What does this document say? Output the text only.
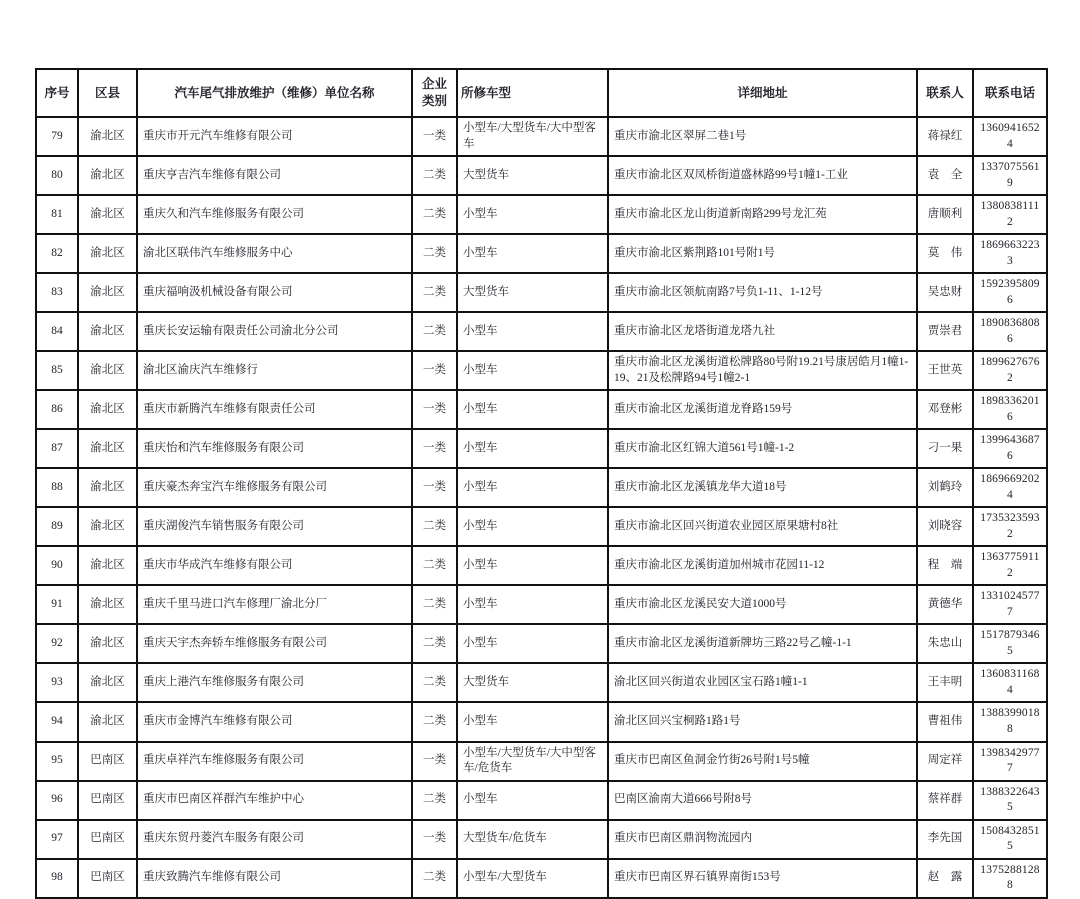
序号	区县	汽车尾气排放维护（维修）单位名称	企业类别	所修车型	详细地址	联系人	联系电话
79	渝北区	重庆市开元汽车维修有限公司	一类	小型车/大型货车/大中型客车	重庆市渝北区翠屏二巷1号	蒋禄红	13609416524
80	渝北区	重庆亨吉汽车维修有限公司	二类	大型货车	重庆市渝北区双凤桥街道盛林路99号1幢1-工业	袁　全	13370755619
81	渝北区	重庆久和汽车维修服务有限公司	二类	小型车	重庆市渝北区龙山街道新南路299号龙汇苑	唐顺利	13808381112
82	渝北区	渝北区联伟汽车维修服务中心	二类	小型车	重庆市渝北区紫荆路101号附1号	莫　伟	18696632233
83	渝北区	重庆福响汲机械设备有限公司	二类	大型货车	重庆市渝北区领航南路7号负1-11、1-12号	吴忠财	15923958096
84	渝北区	重庆长安运输有限责任公司渝北分公司	二类	小型车	重庆市渝北区龙塔街道龙塔九社	贾崇君	18908368086
85	渝北区	渝北区渝庆汽车维修行	一类	小型车	重庆市渝北区龙溪街道松牌路80号附19.21号康居皓月1幢1-19、21及松牌路94号1幢2-1	王世英	18996276762
86	渝北区	重庆市新腾汽车维修有限责任公司	一类	小型车	重庆市渝北区龙溪街道龙脊路159号	邓登彬	18983362016
87	渝北区	重庆怡和汽车维修服务有限公司	一类	小型车	重庆市渝北区红锦大道561号1幢-1-2	刁一果	13996436876
88	渝北区	重庆豪杰奔宝汽车维修服务有限公司	一类	小型车	重庆市渝北区龙溪镇龙华大道18号	刘鹤玲	18696692024
89	渝北区	重庆湖俊汽车销售服务有限公司	二类	小型车	重庆市渝北区回兴街道农业园区原果塘村8社	刘晓容	17353235932
90	渝北区	重庆市华成汽车维修有限公司	二类	小型车	重庆市渝北区龙溪街道加州城市花园11-12	程　端	13637759112
91	渝北区	重庆千里马进口汽车修理厂渝北分厂	二类	小型车	重庆市渝北区龙溪民安大道1000号	黄德华	13310245777
92	渝北区	重庆天宇杰奔轿车维修服务有限公司	二类	小型车	重庆市渝北区龙溪街道新牌坊三路22号乙幢-1-1	朱忠山	15178793465
93	渝北区	重庆上港汽车维修服务有限公司	二类	大型货车	渝北区回兴街道农业园区宝石路1幢1-1	王丰明	13608311684
94	渝北区	重庆市金博汽车维修有限公司	二类	小型车	渝北区回兴宝桐路1路1号	曹祖伟	13883990188
95	巴南区	重庆卓祥汽车维修服务有限公司	一类	小型车/大型货车/大中型客车/危货车	重庆市巴南区鱼洞金竹街26号附1号5幢	周定祥	13983429777
96	巴南区	重庆市巴南区祥群汽车维护中心	二类	小型车	巴南区渝南大道666号附8号	蔡祥群	13883226435
97	巴南区	重庆东贸丹菱汽车服务有限公司	一类	大型货车/危货车	重庆市巴南区鼎润物流园内	李先国	15084328515
98	巴南区	重庆致腾汽车维修有限公司	二类	小型车/大型货车	重庆市巴南区界石镇界南街153号	赵　露	13752881288
